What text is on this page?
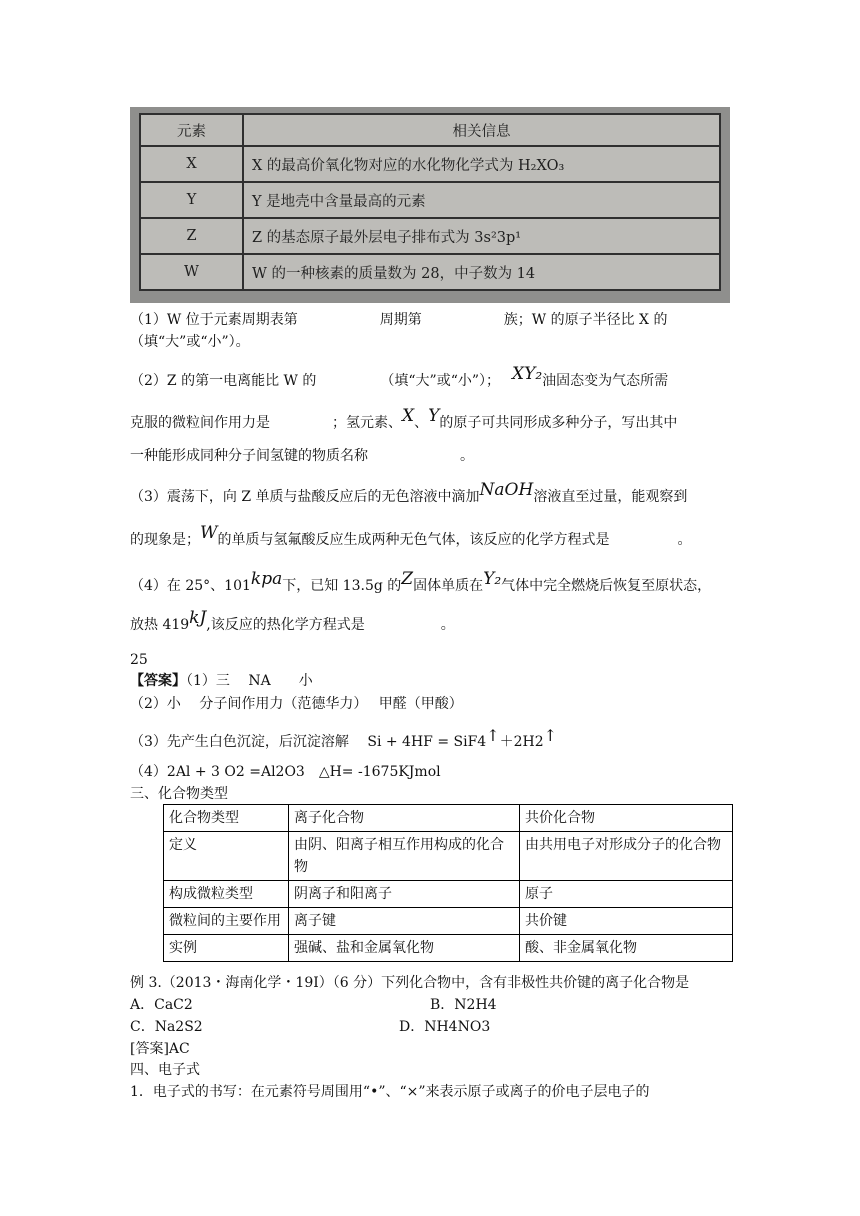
元素	相关信息
X	X 的最高价氧化物对应的水化物化学式为 H₂XO₃
Y	Y 是地壳中含量最高的元素
Z	Z 的基态原子最外层电子排布式为 3s²3p¹
W	W 的一种核素的质量数为 28，中子数为 14
（1）W 位于元素周期表第	周期第	族；W 的原子半径比 X 的
（填“大”或“小”）。
（2）Z 的第一电离能比 W 的	（填“大”或“小”）； XY₂油固态变为气态所需
克服的微粒间作用力是	；氢元素、X、Y的原子可共同形成多种分子，写出其中
一种能形成同种分子间氢键的物质名称	。
（3）震荡下，向 Z 单质与盐酸反应后的无色溶液中滴加NaOH溶液直至过量，能观察到
的现象是；W的单质与氢氟酸反应生成两种无色气体，该反应的化学方程式是	。
（4）在 25°、101kpa下，已知 13.5g 的Z固体单质在Y₂气体中完全燃烧后恢复至原状态，
放热 419kJ,该反应的热化学方程式是	。
25
【答案】（1）三　 NA　　小
（2）小　 分子间作用力（范德华力）　 甲醛（甲酸）
（3）先产生白色沉淀，后沉淀溶解　 Si + 4HF = SiF4↑＋2H2↑
（4）2Al + 3 O2 =Al2O3　△H= -1675KJmol
三、化合物类型
化合物类型	离子化合物	共价化合物
定义	由阴、阳离子相互作用构成的化合物	由共用电子对形成分子的化合物
构成微粒类型	阴离子和阳离子	原子
微粒间的主要作用	离子键	共价键
实例	强碱、盐和金属氧化物	酸、非金属氧化物
例 3.（2013・海南化学・19I）（6 分）下列化合物中，含有非极性共价键的离子化合物是
A．CaC2	B．N2H4
C．Na2S2	D．NH4NO3
[答案]AC
四、电子式
1．电子式的书写：在元素符号周围用“•”、“×”来表示原子或离子的价电子层电子的
